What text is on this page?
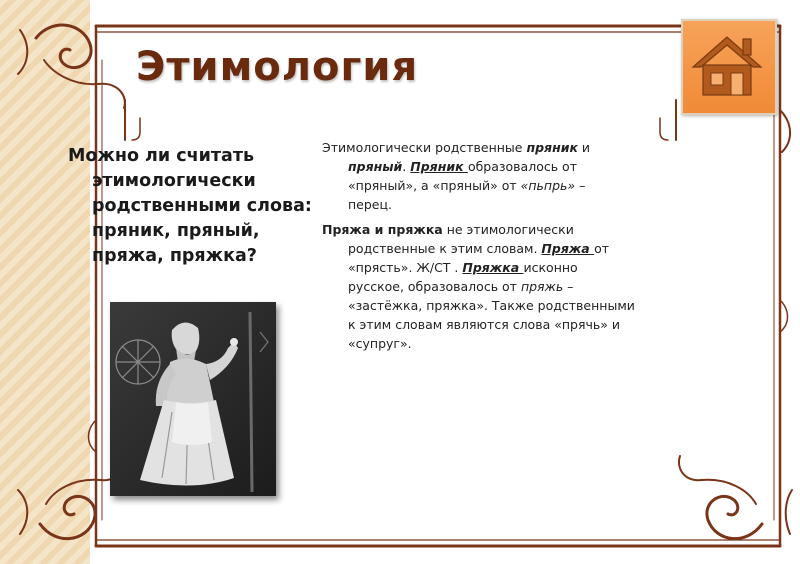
Этимология
Можно ли считать
этимологически
родственными слова:
пряник, пряный,
пряжа, пряжка?

Этимологически родственные пряник и
пряный. Пряник образовалось от
«пряный», а «пряный» от «пьпрь» –
перец.

Пряжа и пряжка не этимологически
родственные к этим словам. Пряжа от
«прясть». Ж/СТ . Пряжка исконно
русское, образовалось от пряжь –
«застёжка, пряжка». Также родственными
к этим словам являются слова «прячь» и
«супруг».
